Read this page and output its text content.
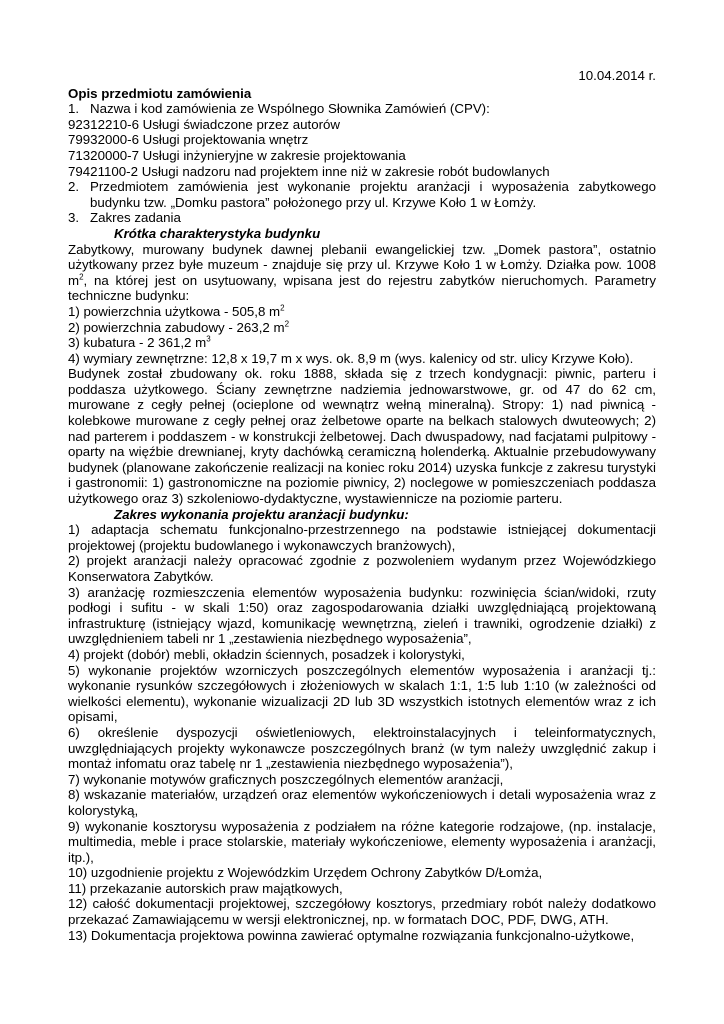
10.04.2014 r.
Opis przedmiotu zamówienia
1. Nazwa i kod zamówienia ze Wspólnego Słownika Zamówień (CPV):
92312210-6 Usługi świadczone przez autorów
79932000-6 Usługi projektowania wnętrz
71320000-7 Usługi inżynieryjne w zakresie projektowania
79421100-2 Usługi nadzoru nad projektem inne niż w zakresie robót budowlanych
2. Przedmiotem zamówienia jest wykonanie projektu aranżacji i wyposażenia zabytkowego budynku tzw. „Domku pastora” położonego przy ul. Krzywe Koło 1 w Łomży.
3. Zakres zadania
Krótka charakterystyka budynku
Zabytkowy, murowany budynek dawnej plebanii ewangelickiej tzw. „Domek pastora”, ostatnio użytkowany przez byłe muzeum - znajduje się przy ul. Krzywe Koło 1 w Łomży. Działka pow. 1008 $m^2$, na której jest on usytuowany, wpisana jest do rejestru zabytków nieruchomych. Parametry techniczne budynku:
1) powierzchnia użytkowa - 505,8 $m^2$
2) powierzchnia zabudowy - 263,2 $m^2$
3) kubatura - 2 361,2 $m^3$
4) wymiary zewnętrzne: 12,8 x 19,7 m x wys. ok. 8,9 m (wys. kalenicy od str. ulicy Krzywe Koło).
Budynek został zbudowany ok. roku 1888, składa się z trzech kondygnacji: piwnic, parteru i poddasza użytkowego. Ściany zewnętrzne nadziemia jednowarstwowe, gr. od 47 do 62 cm, murowane z cegły pełnej (ocieplone od wewnątrz wełną mineralną). Stropy: 1) nad piwnicą - kolebkowe murowane z cegły pełnej oraz żelbetowe oparte na belkach stalowych dwuteowych; 2) nad parterem i poddaszem - w konstrukcji żelbetowej. Dach dwuspadowy, nad facjatami pulpitowy - oparty na więźbie drewnianej, kryty dachówką ceramiczną holenderką. Aktualnie przebudowywany budynek (planowane zakończenie realizacji na koniec roku 2014) uzyska funkcje z zakresu turystyki i gastronomii: 1) gastronomiczne na poziomie piwnicy, 2) noclegowe w pomieszczeniach poddasza użytkowego oraz 3) szkoleniowo-dydaktyczne, wystawiennicze na poziomie parteru.
Zakres wykonania projektu aranżacji budynku:
1) adaptacja schematu funkcjonalno-przestrzennego na podstawie istniejącej dokumentacji projektowej (projektu budowlanego i wykonawczych branżowych),
2) projekt aranżacji należy opracować zgodnie z pozwoleniem wydanym przez Wojewódzkiego Konserwatora Zabytków.
3) aranżację rozmieszczenia elementów wyposażenia budynku: rozwinięcia ścian/widoki, rzuty podłogi i sufitu - w skali 1:50) oraz zagospodarowania działki uwzględniającą projektowaną infrastrukturę (istniejący wjazd, komunikację wewnętrzną, zieleń i trawniki, ogrodzenie działki) z uwzględnieniem tabeli nr 1 „zestawienia niezbędnego wyposażenia”,
4) projekt (dobór) mebli, okładzin ściennych, posadzek i kolorystyki,
5) wykonanie projektów wzorniczych poszczególnych elementów wyposażenia i aranżacji tj.: wykonanie rysunków szczegółowych i złożeniowych w skalach 1:1, 1:5 lub 1:10 (w zależności od wielkości elementu), wykonanie wizualizacji 2D lub 3D wszystkich istotnych elementów wraz z ich opisami,
6) określenie dyspozycji oświetleniowych, elektroinstalacyjnych i teleinformatycznych, uwzględniających projekty wykonawcze poszczególnych branż (w tym należy uwzględnić zakup i montaż infomatu oraz tabelę nr 1 „zestawienia niezbędnego wyposażenia”),
7) wykonanie motywów graficznych poszczególnych elementów aranżacji,
8) wskazanie materiałów, urządzeń oraz elementów wykończeniowych i detali wyposażenia wraz z kolorystyką,
9) wykonanie kosztorysu wyposażenia z podziałem na różne kategorie rodzajowe, (np. instalacje, multimedia, meble i prace stolarskie, materiały wykończeniowe, elementy wyposażenia i aranżacji, itp.),
10) uzgodnienie projektu z Wojewódzkim Urzędem Ochrony Zabytków D/Łomża,
11) przekazanie autorskich praw majątkowych,
12) całość dokumentacji projektowej, szczegółowy kosztorys, przedmiary robót należy dodatkowo przekazać Zamawiającemu w wersji elektronicznej, np. w formatach DOC, PDF, DWG, ATH.
13) Dokumentacja projektowa powinna zawierać optymalne rozwiązania funkcjonalno-użytkowe,
